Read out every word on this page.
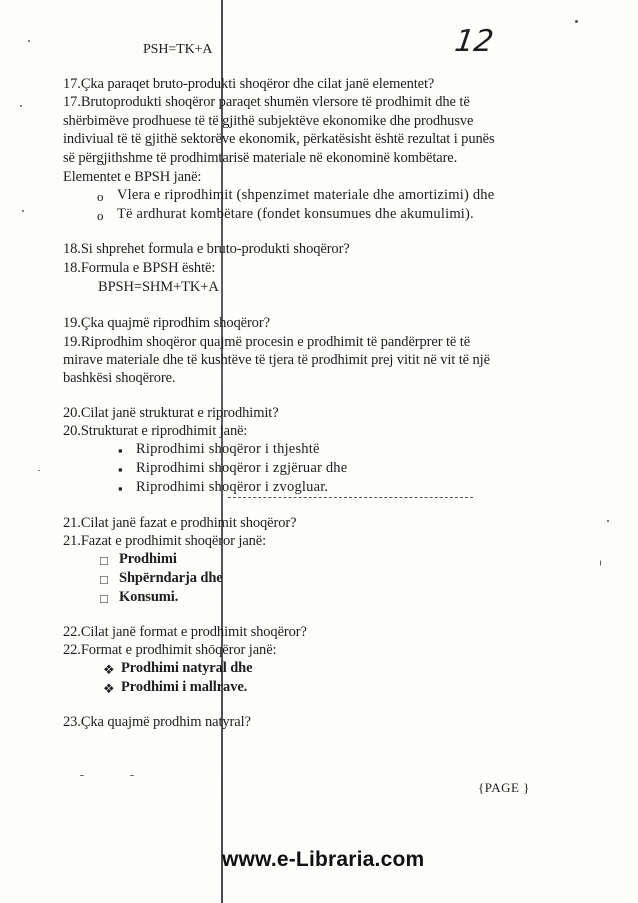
PSH=TK+A	12
17.Çka paraqet bruto-produkti shoqëror dhe cilat janë elementet?
17.Brutoprodukti shoqëror paraqet shumën vlersore të prodhimit dhe të
shërbimëve prodhuese të të gjithë subjektëve ekonomike dhe prodhusve
indiviual të të gjithë sektorëve ekonomik, përkatësisht është rezultat i punës
së përgjithshme të prodhimtarisë materiale në ekonominë kombëtare.
Elementet e BPSH janë:
o Vlera e riprodhimit (shpenzimet materiale dhe amortizimi) dhe
o Të ardhurat kombëtare (fondet konsumues dhe akumulimi).
18.Si shprehet formula e bruto-produkti shoqëror?
18.Formula e BPSH është:
BPSH=SHM+TK+A
19.Çka quajmë riprodhim shoqëror?
19.Riprodhim shoqëror quajmë procesin e prodhimit të pandërprer të të
mirave materiale dhe të kushtëve të tjera të prodhimit prej vitit në vit të një
bashkësi shoqërore.
20.Cilat janë strukturat e riprodhimit?
20.Strukturat e riprodhimit janë:
▪ Riprodhimi shoqëror i thjeshtë
▪ Riprodhimi shoqëror i zgjëruar dhe
▪ Riprodhimi shoqëror i zvogluar.
21.Cilat janë fazat e prodhimit shoqëror?
21.Fazat e prodhimit shoqëror janë:
□ Prodhimi
□ Shpërndarja dhe
□ Konsumi.
22.Cilat janë format e prodhimit shoqëror?
22.Format e prodhimit shoqëror janë:
❖ Prodhimi natyral dhe
❖ Prodhimi i mallrave.
23.Çka quajmë prodhim natyral?
{PAGE }
www.e-Libraria.com
